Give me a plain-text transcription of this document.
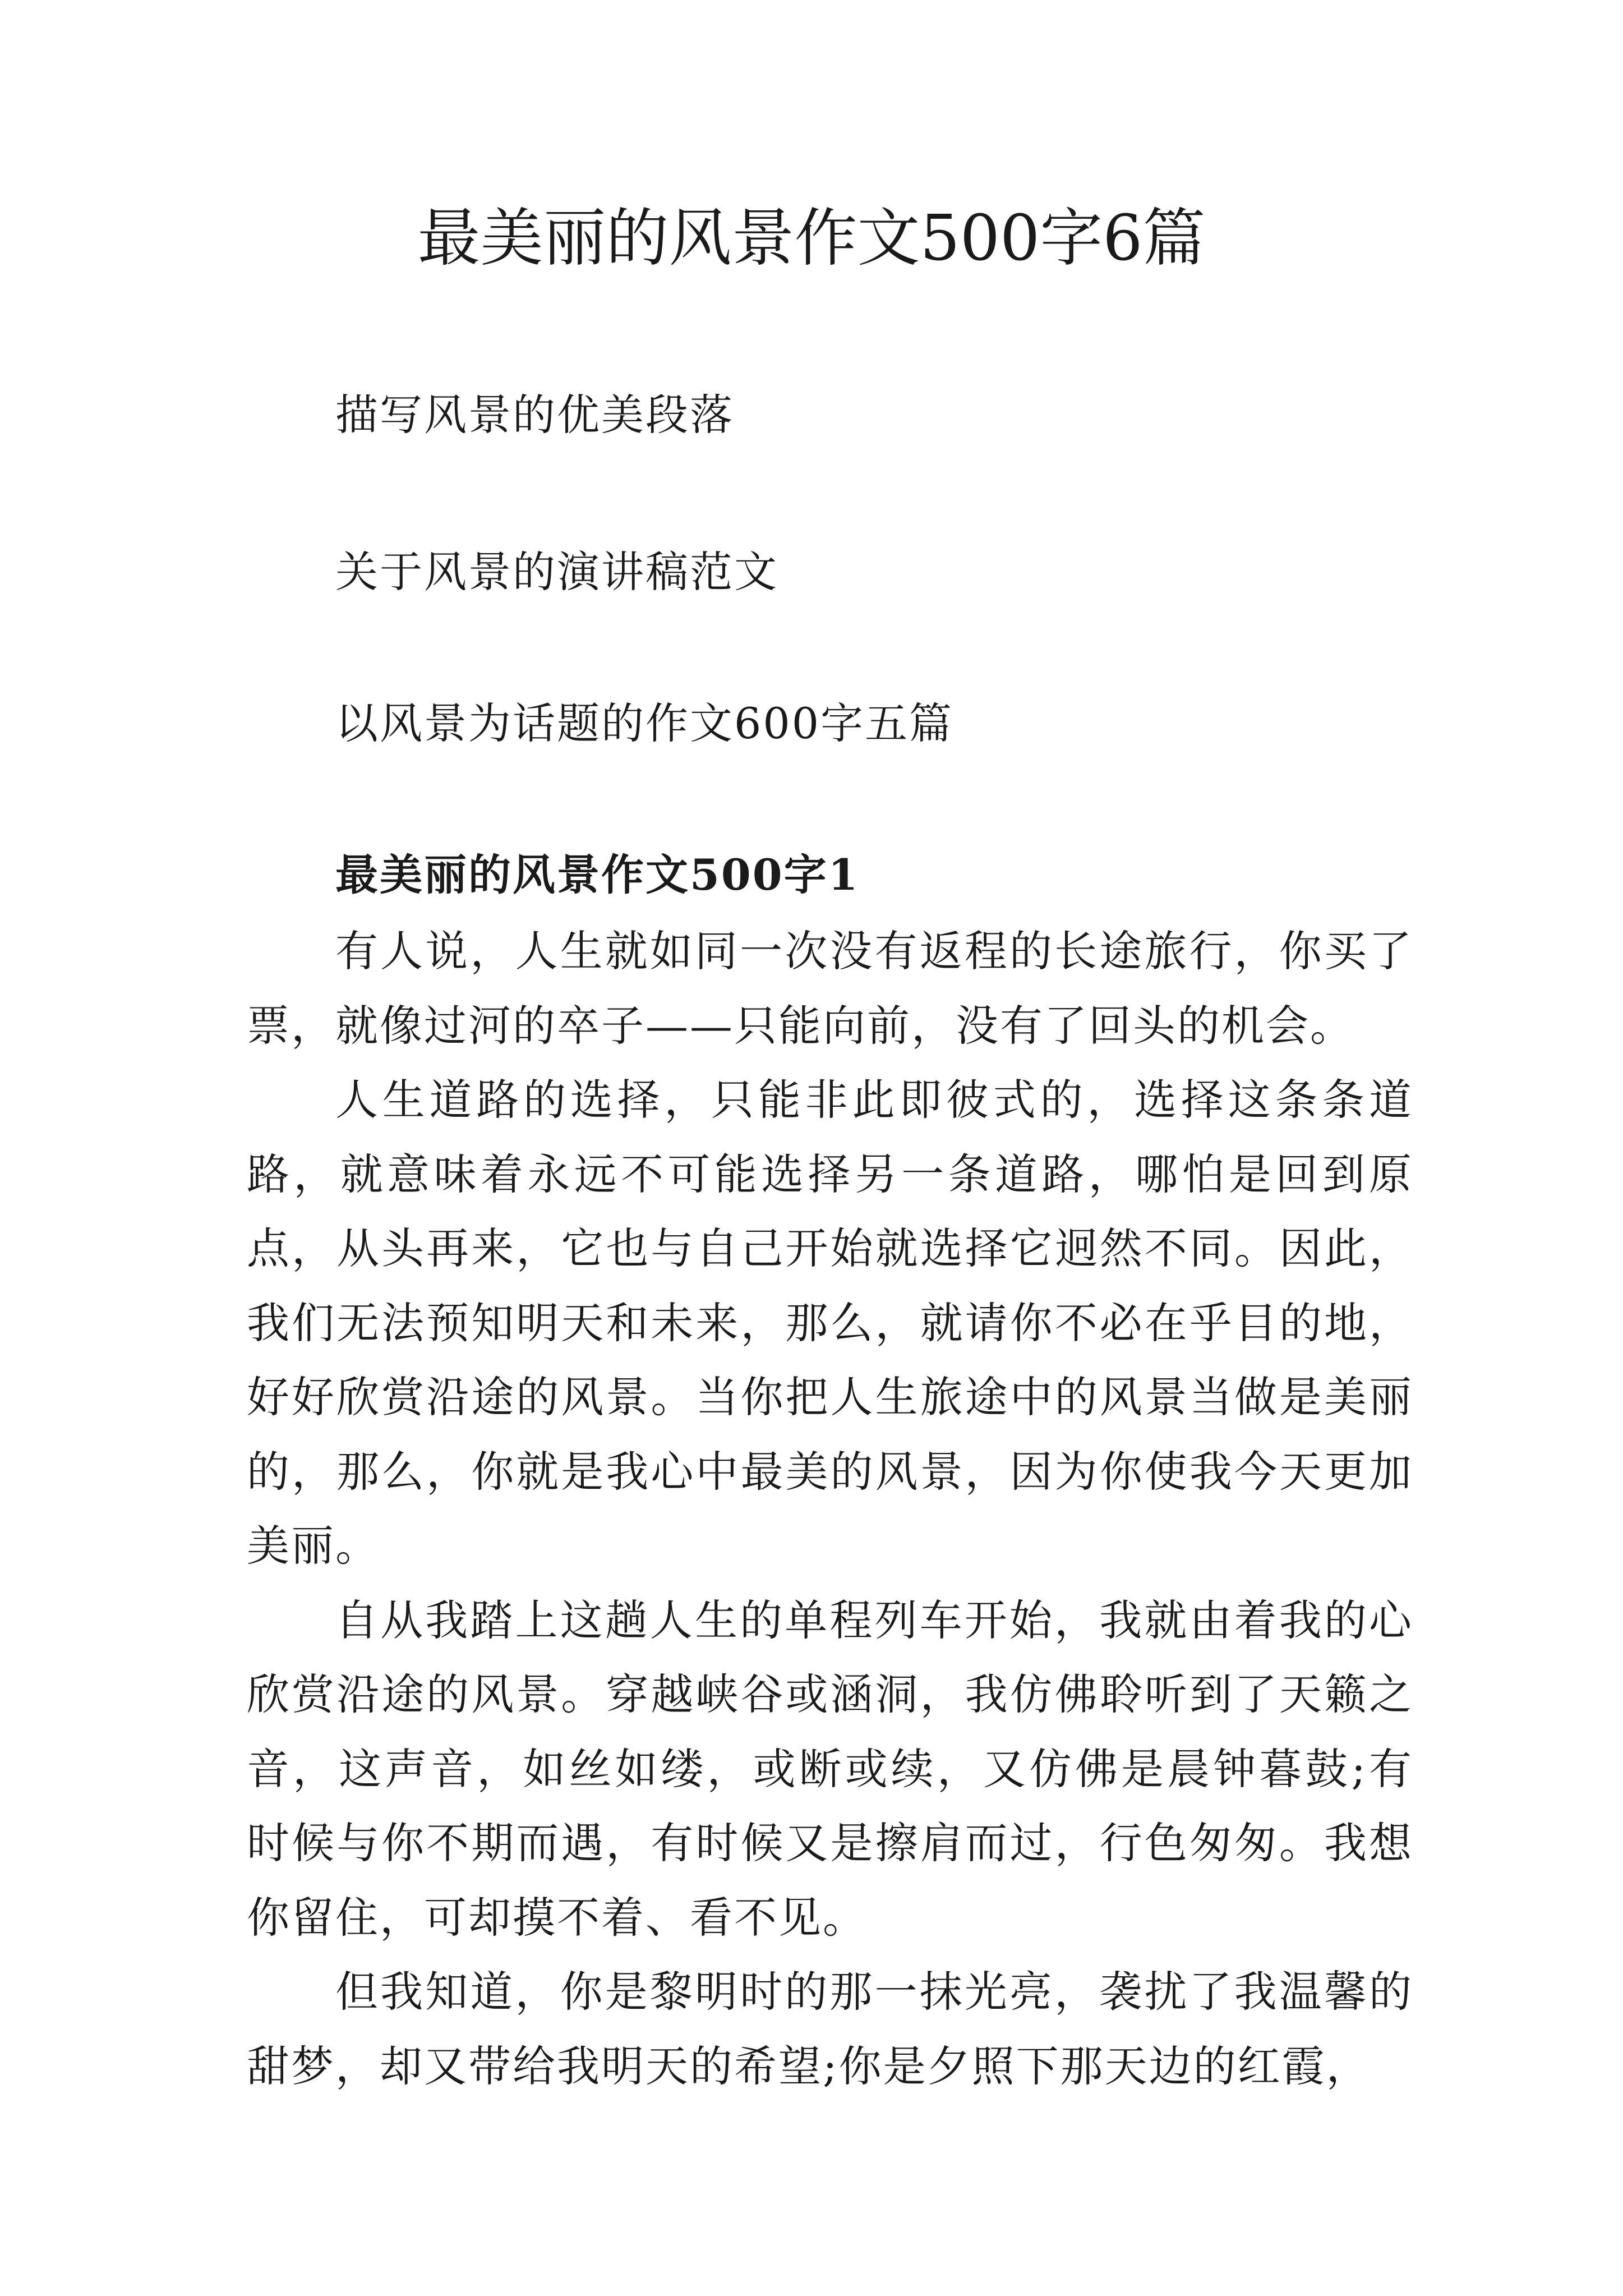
最美丽的风景作文500字6篇

描写风景的优美段落

关于风景的演讲稿范文

以风景为话题的作文600字五篇

最美丽的风景作文500字1

有人说，人生就如同一次没有返程的长途旅行，你买了票，就像过河的卒子——只能向前，没有了回头的机会。

人生道路的选择，只能非此即彼式的，选择这条条道路，就意味着永远不可能选择另一条道路，哪怕是回到原点，从头再来，它也与自己开始就选择它迥然不同。因此，我们无法预知明天和未来，那么，就请你不必在乎目的地，好好欣赏沿途的风景。当你把人生旅途中的风景当做是美丽的，那么，你就是我心中最美的风景，因为你使我今天更加美丽。

自从我踏上这趟人生的单程列车开始，我就由着我的心欣赏沿途的风景。穿越峡谷或涵洞，我仿佛聆听到了天籁之音，这声音，如丝如缕，或断或续，又仿佛是晨钟暮鼓;有时候与你不期而遇，有时候又是擦肩而过，行色匆匆。我想你留住，可却摸不着、看不见。

但我知道，你是黎明时的那一抹光亮，袭扰了我温馨的甜梦，却又带给我明天的希望;你是夕照下那天边的红霞，
